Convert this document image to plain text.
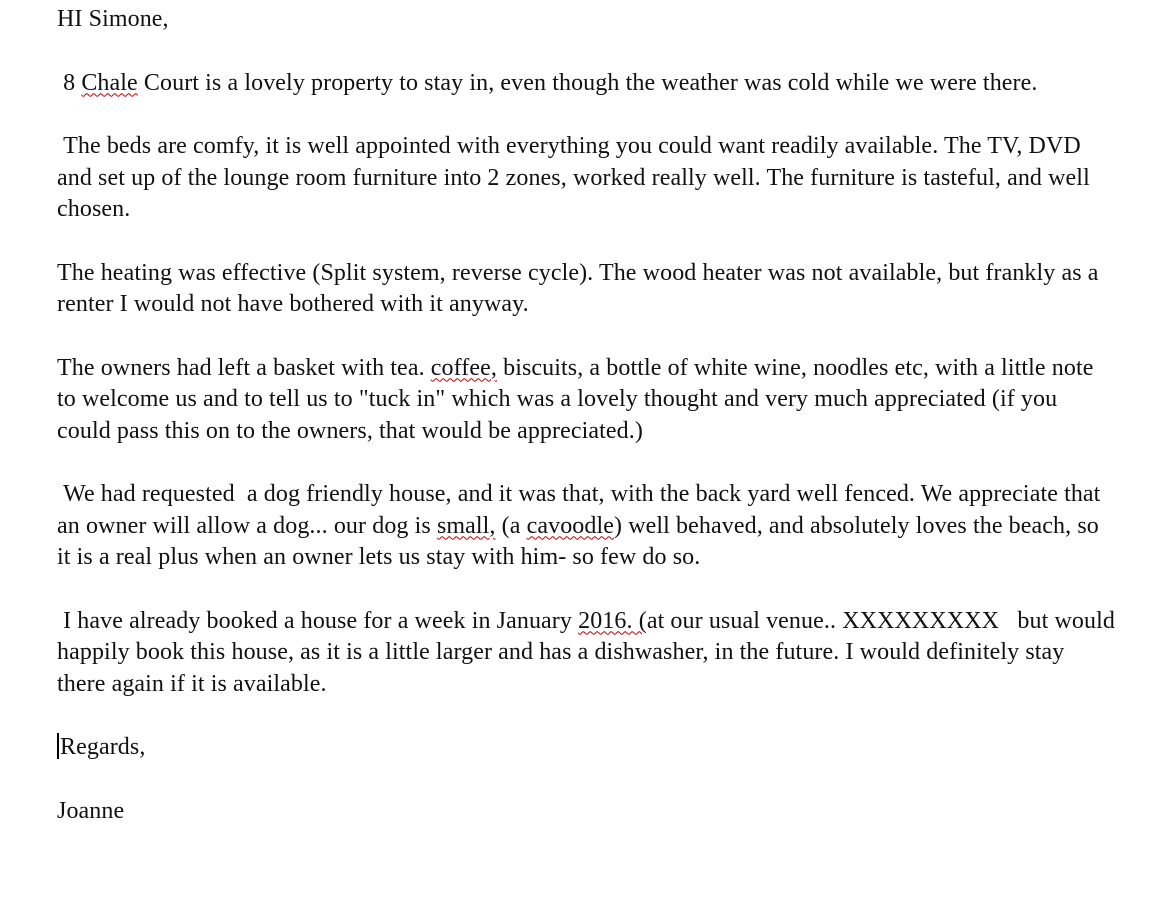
HI Simone,

8 Chale Court is a lovely property to stay in, even though the weather was cold while we were there.

The beds are comfy, it is well appointed with everything you could want readily available. The TV, DVD and set up of the lounge room furniture into 2 zones, worked really well. The furniture is tasteful, and well chosen.

The heating was effective (Split system, reverse cycle). The wood heater was not available, but frankly as a renter I would not have bothered with it anyway.

The owners had left a basket with tea. coffee, biscuits, a bottle of white wine, noodles etc, with a little note to welcome us and to tell us to "tuck in" which was a lovely thought and very much appreciated (if you could pass this on to the owners, that would be appreciated.)

We had requested  a dog friendly house, and it was that, with the back yard well fenced. We appreciate that an owner will allow a dog... our dog is small, (a cavoodle) well behaved, and absolutely loves the beach, so it is a real plus when an owner lets us stay with him- so few do so.

I have already booked a house for a week in January 2016. (at our usual venue.. XXXXXXXXX   but would happily book this house, as it is a little larger and has a dishwasher, in the future. I would definitely stay there again if it is available.

Regards,

Joanne
